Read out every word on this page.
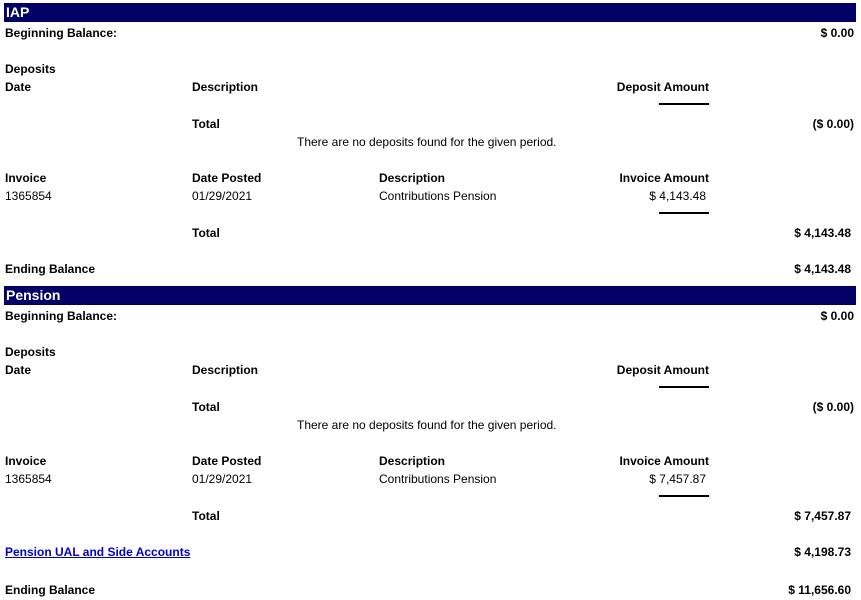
IAP
Beginning Balance:	$ 0.00
Deposits
Date	Description	Deposit Amount
Total	($ 0.00)
There are no deposits found for the given period.
Invoice	Date Posted	Description	Invoice Amount
1365854	01/29/2021	Contributions Pension	$ 4,143.48
Total	$ 4,143.48
Ending Balance	$ 4,143.48
Pension
Beginning Balance:	$ 0.00
Deposits
Date	Description	Deposit Amount
Total	($ 0.00)
There are no deposits found for the given period.
Invoice	Date Posted	Description	Invoice Amount
1365854	01/29/2021	Contributions Pension	$ 7,457.87
Total	$ 7,457.87
Pension UAL and Side Accounts	$ 4,198.73
Ending Balance	$ 11,656.60
